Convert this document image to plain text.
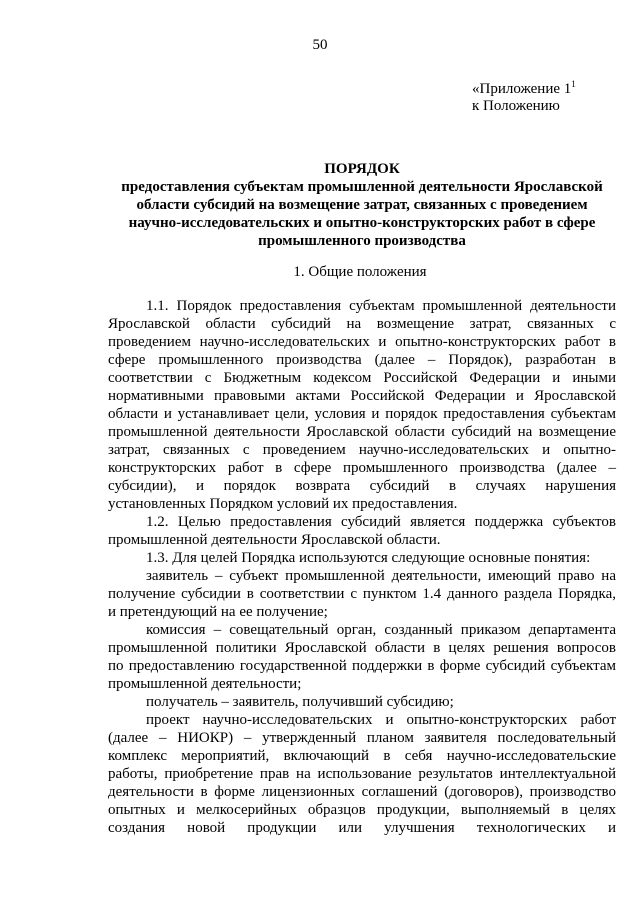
50
«Приложение $1^1$
к Положению
ПОРЯДОК
предоставления субъектам промышленной деятельности Ярославской
области субсидий на возмещение затрат, связанных с проведением
научно-исследовательских и опытно-конструкторских работ в сфере
промышленного производства
1. Общие положения
1.1. Порядок предоставления субъектам промышленной деятельности
Ярославской области субсидий на возмещение затрат, связанных с
проведением научно-исследовательских и опытно-конструкторских работ в
сфере промышленного производства (далее – Порядок), разработан в
соответствии с Бюджетным кодексом Российской Федерации и иными
нормативными правовыми актами Российской Федерации и Ярославской
области и устанавливает цели, условия и порядок предоставления субъектам
промышленной деятельности Ярославской области субсидий на возмещение
затрат, связанных с проведением научно-исследовательских и опытно-
конструкторских работ в сфере промышленного производства (далее –
субсидии), и порядок возврата субсидий в случаях нарушения
установленных Порядком условий их предоставления.
1.2. Целью предоставления субсидий является поддержка субъектов
промышленной деятельности Ярославской области.
1.3. Для целей Порядка используются следующие основные понятия:
заявитель – субъект промышленной деятельности, имеющий право на
получение субсидии в соответствии с пунктом 1.4 данного раздела Порядка,
и претендующий на ее получение;
комиссия – совещательный орган, созданный приказом департамента
промышленной политики Ярославской области в целях решения вопросов
по предоставлению государственной поддержки в форме субсидий субъектам
промышленной деятельности;
получатель – заявитель, получивший субсидию;
проект научно-исследовательских и опытно-конструкторских работ
(далее – НИОКР) – утвержденный планом заявителя последовательный
комплекс мероприятий, включающий в себя научно-исследовательские
работы, приобретение прав на использование результатов интеллектуальной
деятельности в форме лицензионных соглашений (договоров), производство
опытных и мелкосерийных образцов продукции, выполняемый в целях
создания новой продукции или улучшения технологических и
